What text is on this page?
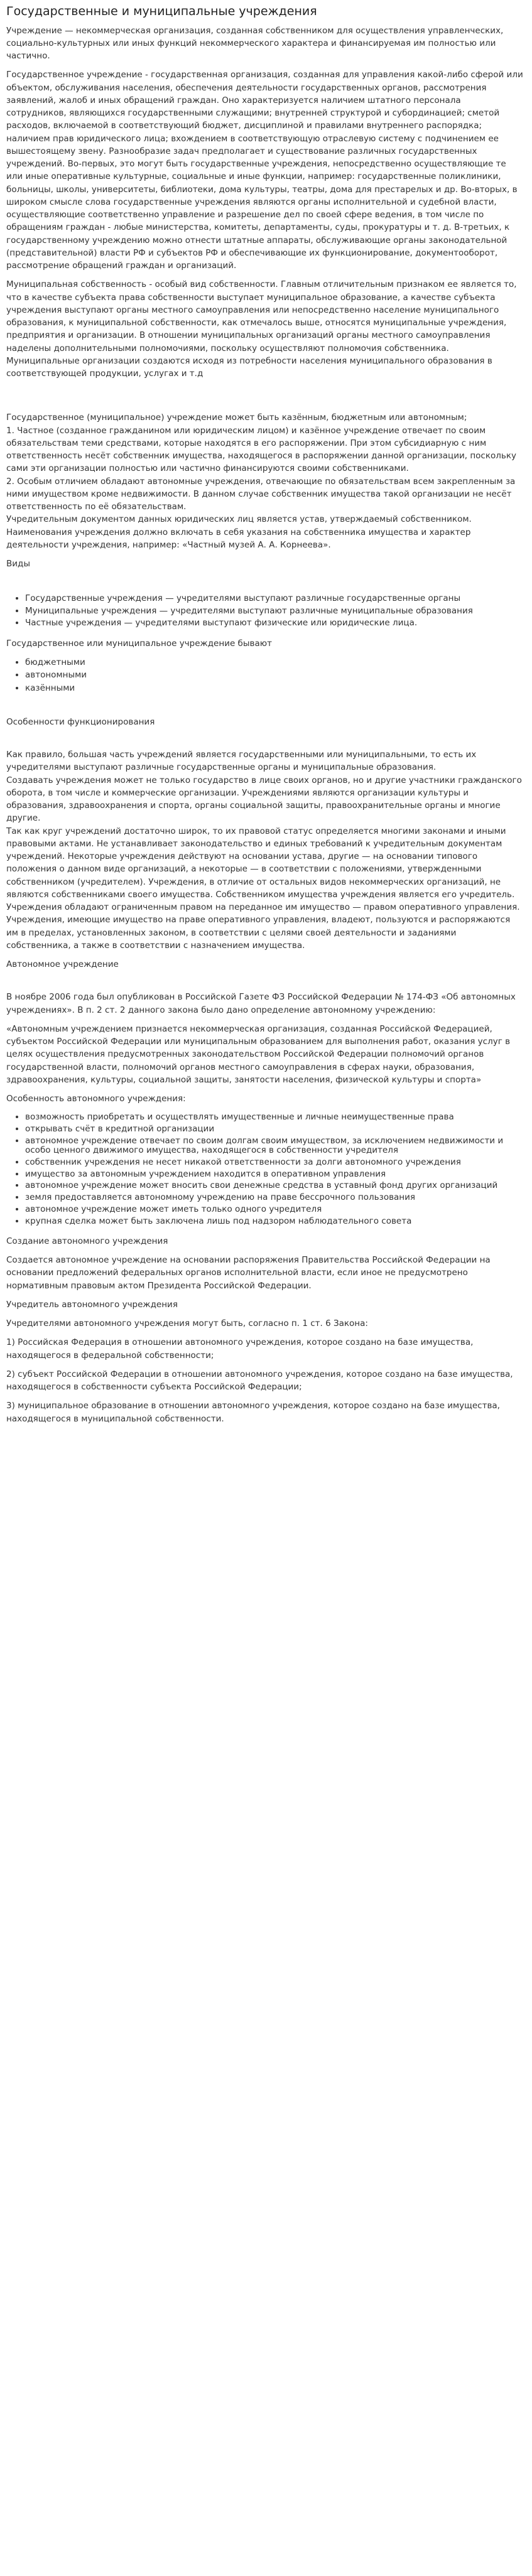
Государственные и муниципальные учреждения

Учреждение — некоммерческая организация, созданная собственником для осуществления управленческих, социально-культурных или иных функций некоммерческого характера и финансируемая им полностью или частично.

Государственное учреждение - государственная организация, созданная для управления какой-либо сферой или объектом, обслуживания населения, обеспечения деятельности государственных органов, рассмотрения заявлений, жалоб и иных обращений граждан. Оно характеризуется наличием штатного персонала сотрудников, являющихся государственными служащими; внутренней структурой и субординацией; сметой расходов, включаемой в соответствующий бюджет, дисциплиной и правилами внутреннего распорядка; наличием прав юридического лица; вхождением в соответствующую отраслевую систему с подчинением ее вышестоящему звену. Разнообразие задач предполагает и существование различных государственных учреждений. Во-первых, это могут быть государственные учреждения, непосредственно осуществляющие те или иные оперативные культурные, социальные и иные функции, например: государственные поликлиники, больницы, школы, университеты, библиотеки, дома культуры, театры, дома для престарелых и др. Во-вторых, в широком смысле слова государственные учреждения являются органы исполнительной и судебной власти, осуществляющие соответственно управление и разрешение дел по своей сфере ведения, в том числе по обращениям граждан - любые министерства, комитеты, департаменты, суды, прокуратуры и т. д. В-третьих, к государственному учреждению можно отнести штатные аппараты, обслуживающие органы законодательной (представительной) власти РФ и субъектов РФ и обеспечивающие их функционирование, документооборот, рассмотрение обращений граждан и организаций.

Муниципальная собственность - особый вид собственности. Главным отличительным признаком ее является то, что в качестве субъекта права собственности выступает муниципальное образование, а качестве субъекта учреждения выступают органы местного самоуправления или непосредственно население муниципального образования, к муниципальной собственности, как отмечалось выше, относятся муниципальные учреждения, предприятия и организации. В отношении муниципальных организаций органы местного самоуправления наделены дополнительными полномочиями, поскольку осуществляют полномочия собственника. Муниципальные организации создаются исходя из потребности населения муниципального образования в соответствующей продукции, услугах и т.д

Государственное (муниципальное) учреждение может быть казённым, бюджетным или автономным;
1. Частное (созданное гражданином или юридическим лицом) и казённое учреждение отвечает по своим обязательствам теми средствами, которые находятся в его распоряжении. При этом субсидиарную с ним ответственность несёт собственник имущества, находящегося в распоряжении данной организации, поскольку сами эти организации полностью или частично финансируются своими собственниками.
2. Особым отличием обладают автономные учреждения, отвечающие по обязательствам всем закрепленным за ними имуществом кроме недвижимости. В данном случае собственник имущества такой организации не несёт ответственность по её обязательствам.
Учредительным документом данных юридических лиц является устав, утверждаемый собственником. Наименования учреждения должно включать в себя указания на собственника имущества и характер деятельности учреждения, например: «Частный музей А. А. Корнеева».

Виды

• Государственные учреждения — учредителями выступают различные государственные органы
• Муниципальные учреждения — учредителями выступают различные муниципальные образования
• Частные учреждения — учредителями выступают физические или юридические лица.

Государственное или муниципальное учреждение бывают

• бюджетными
• автономными
• казёнными

Особенности функционирования

Как правило, большая часть учреждений является государственными или муниципальными, то есть их учредителями выступают различные государственные органы и муниципальные образования.
Создавать учреждения может не только государство в лице своих органов, но и другие участники гражданского оборота, в том числе и коммерческие организации. Учреждениями являются организации культуры и образования, здравоохранения и спорта, органы социальной защиты, правоохранительные органы и многие другие.
Так как круг учреждений достаточно широк, то их правовой статус определяется многими законами и иными правовыми актами. Не устанавливает законодательство и единых требований к учредительным документам учреждений. Некоторые учреждения действуют на основании устава, другие — на основании типового положения о данном виде организаций, а некоторые — в соответствии с положениями, утвержденными собственником (учредителем). Учреждения, в отличие от остальных видов некоммерческих организаций, не являются собственниками своего имущества. Собственником имущества учреждения является его учредитель. Учреждения обладают ограниченным правом на переданное им имущество — правом оперативного управления. Учреждения, имеющие имущество на праве оперативного управления, владеют, пользуются и распоряжаются им в пределах, установленных законом, в соответствии с целями своей деятельности и заданиями собственника, а также в соответствии с назначением имущества.

Автономное учреждение

В ноябре 2006 года был опубликован в Российской Газете ФЗ Российской Федерации № 174-ФЗ «Об автономных учреждениях». В п. 2 ст. 2 данного закона было дано определение автономному учреждению:

«Автономным учреждением признается некоммерческая организация, созданная Российской Федерацией, субъектом Российской Федерации или муниципальным образованием для выполнения работ, оказания услуг в целях осуществления предусмотренных законодательством Российской Федерации полномочий органов государственной власти, полномочий органов местного самоуправления в сферах науки, образования, здравоохранения, культуры, социальной защиты, занятости населения, физической культуры и спорта»

Особенность автономного учреждения:

• возможность приобретать и осуществлять имущественные и личные неимущественные права
• открывать счёт в кредитной организации
• автономное учреждение отвечает по своим долгам своим имуществом, за исключением недвижимости и особо ценного движимого имущества, находящегося в собственности учредителя
• собственник учреждения не несет никакой ответственности за долги автономного учреждения
• имущество за автономным учреждением находится в оперативном управления
• автономное учреждение может вносить свои денежные средства в уставный фонд других организаций
• земля предоставляется автономному учреждению на праве бессрочного пользования
• автономное учреждение может иметь только одного учредителя
• крупная сделка может быть заключена лишь под надзором наблюдательного совета

Создание автономного учреждения

Создается автономное учреждение на основании распоряжения Правительства Российской Федерации на основании предложений федеральных органов исполнительной власти, если иное не предусмотрено нормативным правовым актом Президента Российской Федерации.

Учредитель автономного учреждения

Учредителями автономного учреждения могут быть, согласно п. 1 ст. 6 Закона:

1) Российская Федерация в отношении автономного учреждения, которое создано на базе имущества, находящегося в федеральной собственности;

2) субъект Российской Федерации в отношении автономного учреждения, которое создано на базе имущества, находящегося в собственности субъекта Российской Федерации;

3) муниципальное образование в отношении автономного учреждения, которое создано на базе имущества, находящегося в муниципальной собственности.
